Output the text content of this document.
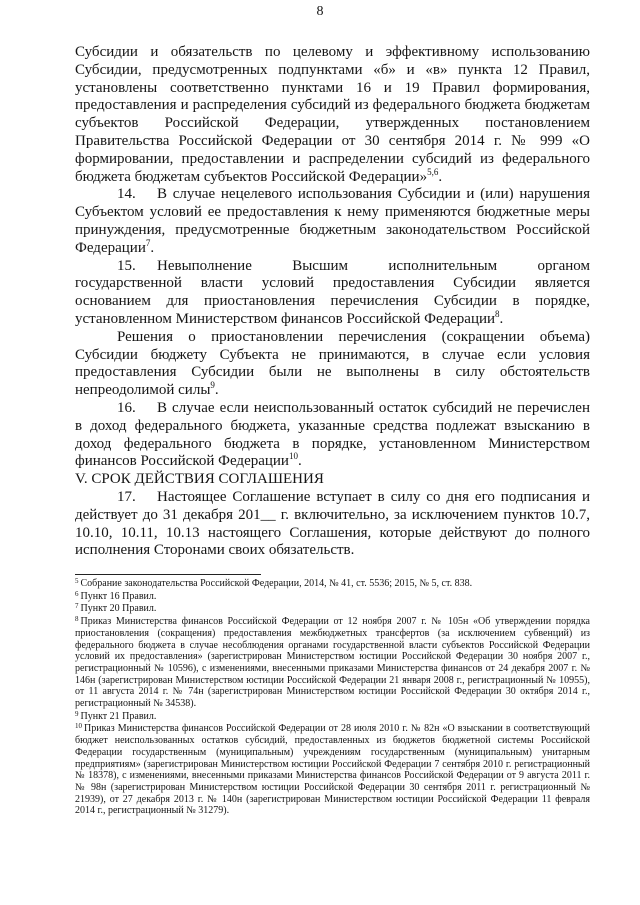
8

Субсидии и обязательств по целевому и эффективному использованию Субсидии, предусмотренных подпунктами «б» и «в» пункта 12 Правил, установлены соответственно пунктами 16 и 19 Правил формирования, предоставления и распределения субсидий из федерального бюджета бюджетам субъектов Российской Федерации, утвержденных постановлением Правительства Российской Федерации от 30 сентября 2014 г. № 999 «О формировании, предоставлении и распределении субсидий из федерального бюджета бюджетам субъектов Российской Федерации»$^{5,6}$.

14. В случае нецелевого использования Субсидии и (или) нарушения Субъектом условий ее предоставления к нему применяются бюджетные меры принуждения, предусмотренные бюджетным законодательством Российской Федерации$^7$.

15. Невыполнение Высшим исполнительным органом государственной власти условий предоставления Субсидии является основанием для приостановления перечисления Субсидии в порядке, установленном Министерством финансов Российской Федерации$^8$.

Решения о приостановлении перечисления (сокращении объема) Субсидии бюджету Субъекта не принимаются, в случае если условия предоставления Субсидии были не выполнены в силу обстоятельств непреодолимой силы$^9$.

16. В случае если неиспользованный остаток субсидий не перечислен в доход федерального бюджета, указанные средства подлежат взысканию в доход федерального бюджета в порядке, установленном Министерством финансов Российской Федерации$^{10}$.

V. СРОК ДЕЙСТВИЯ СОГЛАШЕНИЯ

17. Настоящее Соглашение вступает в силу со дня его подписания и действует до 31 декабря 201__ г. включительно, за исключением пунктов 10.7, 10.10, 10.11, 10.13 настоящего Соглашения, которые действуют до полного исполнения Сторонами своих обязательств.

$^5$ Собрание законодательства Российской Федерации, 2014, № 41, ст. 5536; 2015, № 5, ст. 838.

$^6$ Пункт 16 Правил.

$^7$ Пункт 20 Правил.

$^8$ Приказ Министерства финансов Российской Федерации от 12 ноября 2007 г. № 105н «Об утверждении порядка приостановления (сокращения) предоставления межбюджетных трансфертов (за исключением субвенций) из федерального бюджета в случае несоблюдения органами государственной власти субъектов Российской Федерации условий их предоставления» (зарегистрирован Министерством юстиции Российской Федерации 30 ноября 2007 г., регистрационный № 10596), с изменениями, внесенными приказами Министерства финансов от 24 декабря 2007 г. № 146н (зарегистрирован Министерством юстиции Российской Федерации 21 января 2008 г., регистрационный № 10955), от 11 августа 2014 г. № 74н (зарегистрирован Министерством юстиции Российской Федерации 30 октября 2014 г., регистрационный № 34538).

$^9$ Пункт 21 Правил.

$^{10}$ Приказ Министерства финансов Российской Федерации от 28 июля 2010 г. № 82н «О взыскании в соответствующий бюджет неиспользованных остатков субсидий, предоставленных из бюджетов бюджетной системы Российской Федерации государственным (муниципальным) учреждениям государственным (муниципальным) унитарным предприятиям» (зарегистрирован Министерством юстиции Российской Федерации 7 сентября 2010 г. регистрационный № 18378), с изменениями, внесенными приказами Министерства финансов Российской Федерации от 9 августа 2011 г. № 98н (зарегистрирован Министерством юстиции Российской Федерации 30 сентября 2011 г. регистрационный № 21939), от 27 декабря 2013 г. № 140н (зарегистрирован Министерством юстиции Российской Федерации 11 февраля 2014 г., регистрационный № 31279).
